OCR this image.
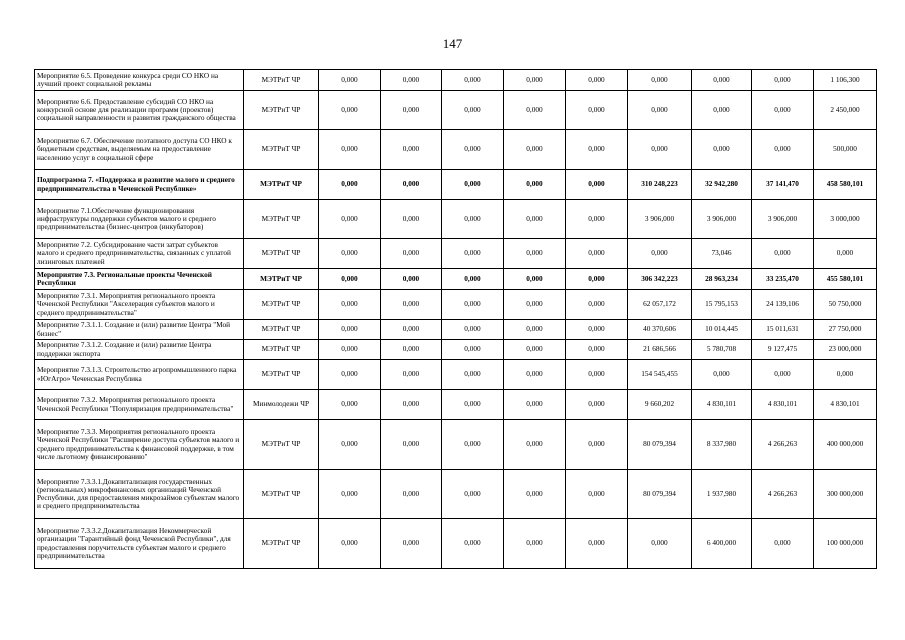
147
Мероприятие 6.5. Проведение конкурса среди СО НКО на лучший проект социальной рекламы	МЭТРиТ ЧР	0,000	0,000	0,000	0,000	0,000	0,000	0,000	0,000	1 106,300
Мероприятие 6.6. Предоставление субсидий СО НКО на конкурсной основе для реализации программ (проектов) социальной направленности и развития гражданского общества	МЭТРиТ ЧР	0,000	0,000	0,000	0,000	0,000	0,000	0,000	0,000	2 450,000
Мероприятие 6.7. Обеспечение поэтапного доступа СО НКО к бюджетным средствам, выделяемым на предоставление населению услуг в социальной сфере	МЭТРиТ ЧР	0,000	0,000	0,000	0,000	0,000	0,000	0,000	0,000	500,000
Подпрограмма 7. «Поддержка и развитие малого и среднего предпринимательства в Чеченской Республике»	МЭТРиТ ЧР	0,000	0,000	0,000	0,000	0,000	310 248,223	32 942,280	37 141,470	458 580,101
Мероприятие 7.1.Обеспечение функционирования инфраструктуры поддержки субъектов малого и среднего предпринимательства (бизнес-центров (инкубаторов)	МЭТРиТ ЧР	0,000	0,000	0,000	0,000	0,000	3 906,000	3 906,000	3 906,000	3 000,000
Мероприятие 7.2. Субсидирование части затрат субъектов малого и среднего предпринимательства, связанных с уплатой лизинговых платежей	МЭТРиТ ЧР	0,000	0,000	0,000	0,000	0,000	0,000	73,046	0,000	0,000
Мероприятие 7.3. Региональные проекты Чеченской Республики	МЭТРиТ ЧР	0,000	0,000	0,000	0,000	0,000	306 342,223	28 963,234	33 235,470	455 580,101
Мероприятие 7.3.1. Мероприятия регионального проекта Чеченской Республики "Акселерация субъектов малого и среднего предпринимательства"	МЭТРиТ ЧР	0,000	0,000	0,000	0,000	0,000	62 057,172	15 795,153	24 139,106	50 750,000
Мероприятие 7.3.1.1. Создание и (или) развитие Центра "Мой бизнес"	МЭТРиТ ЧР	0,000	0,000	0,000	0,000	0,000	40 370,606	10 014,445	15 011,631	27 750,000
Мероприятие 7.3.1.2. Создание и (или) развитие Центра поддержки экспорта	МЭТРиТ ЧР	0,000	0,000	0,000	0,000	0,000	21 686,566	5 780,708	9 127,475	23 000,000
Мероприятие 7.3.1.3. Строительство агропромышленного парка «ЮгАгро» Чеченская Республика	МЭТРиТ ЧР	0,000	0,000	0,000	0,000	0,000	154 545,455	0,000	0,000	0,000
Мероприятие 7.3.2. Мероприятия регионального проекта Чеченской Республики "Популяризация предпринимательства"	Минмолодежи ЧР	0,000	0,000	0,000	0,000	0,000	9 660,202	4 830,101	4 830,101	4 830,101
Мероприятие 7.3.3. Мероприятия регионального проекта Чеченской Республики "Расширение доступа субъектов малого и среднего предпринимательства к финансовой поддержке, в том числе льготному финансированию"	МЭТРиТ ЧР	0,000	0,000	0,000	0,000	0,000	80 079,394	8 337,980	4 266,263	400 000,000
Мероприятие 7.3.3.1.Докапитализация государственных (региональных) микрофинансовых организаций Чеченской Республики, для предоставления микрозаймов субъектам малого и среднего предпринимательства	МЭТРиТ ЧР	0,000	0,000	0,000	0,000	0,000	80 079,394	1 937,980	4 266,263	300 000,000
Мероприятие 7.3.3.2.Докапитализация Некоммерческой организации "Гарантийный фонд Чеченской Республики", для предоставления поручительств субъектам малого и среднего предпринимательства	МЭТРиТ ЧР	0,000	0,000	0,000	0,000	0,000	0,000	6 400,000	0,000	100 000,000
